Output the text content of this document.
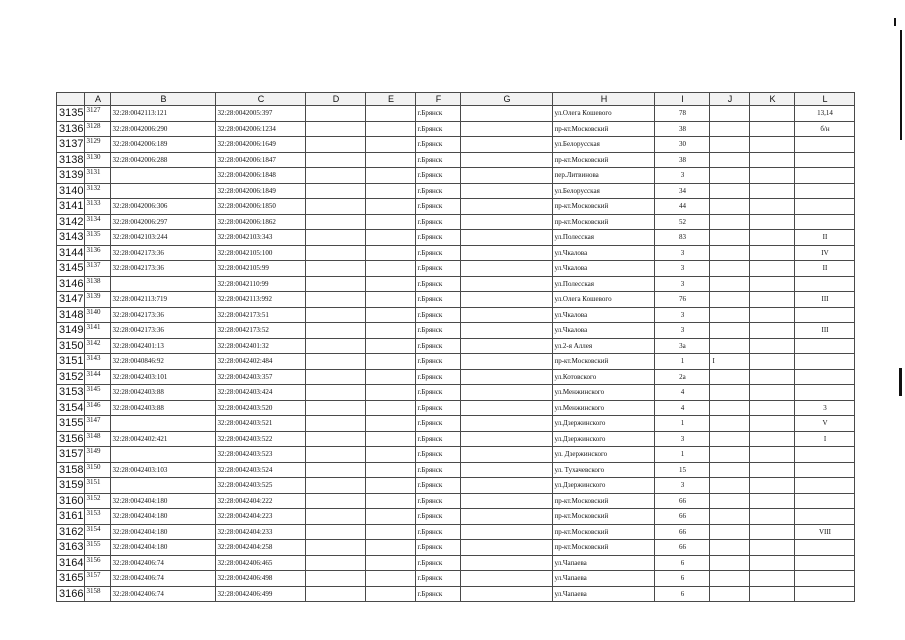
	A	B	C	D	E	F	G	H	I	J	K	L
3135	3127	32:28:0042113:121	32:28:0042005:397			г.Брянск		ул.Олега Кошевого	78			13,14
3136	3128	32:28:0042006:290	32:28:0042006:1234			г.Брянск		пр-кт.Московский	38			б/н
3137	3129	32:28:0042006:189	32:28:0042006:1649			г.Брянск		ул.Белорусская	30			
3138	3130	32:28:0042006:288	32:28:0042006:1847			г.Брянск		пр-кт.Московский	38			
3139	3131		32:28:0042006:1848			г.Брянск		пер.Литвинова	3			
3140	3132		32:28:0042006:1849			г.Брянск		ул.Белорусская	34			
3141	3133	32:28:0042006:306	32:28:0042006:1850			г.Брянск		пр-кт.Московский	44			
3142	3134	32:28:0042006:297	32:28:0042006:1862			г.Брянск		пр-кт.Московский	52			
3143	3135	32:28:0042103:244	32:28:0042103:343			г.Брянск		ул.Полесская	83			II
3144	3136	32:28:0042173:36	32:28:0042105:100			г.Брянск		ул.Чкалова	3			IV
3145	3137	32:28:0042173:36	32:28:0042105:99			г.Брянск		ул.Чкалова	3			II
3146	3138		32:28:0042110:99			г.Брянск		ул.Полесская	3			
3147	3139	32:28:0042113:719	32:28:0042113:992			г.Брянск		ул.Олега Кошевого	76			III
3148	3140	32:28:0042173:36	32:28:0042173:51			г.Брянск		ул.Чкалова	3			
3149	3141	32:28:0042173:36	32:28:0042173:52			г.Брянск		ул.Чкалова	3			III
3150	3142	32:28:0042401:13	32:28:0042401:32			г.Брянск		ул.2-я Аллея	3а			
3151	3143	32:28:0040846:92	32:28:0042402:484			г.Брянск		пр-кт.Московский	1	I		
3152	3144	32:28:0042403:101	32:28:0042403:357			г.Брянск		ул.Котовского	2а			
3153	3145	32:28:0042403:88	32:28:0042403:424			г.Брянск		ул.Менжинского	4			
3154	3146	32:28:0042403:88	32:28:0042403:520			г.Брянск		ул.Менжинского	4			3
3155	3147		32:28:0042403:521			г.Брянск		ул.Дзержинского	1			V
3156	3148	32:28:0042402:421	32:28:0042403:522			г.Брянск		ул.Дзержинского	3			I
3157	3149		32:28:0042403:523			г.Брянск		ул. Дзержинского	1			
3158	3150	32:28:0042403:103	32:28:0042403:524			г.Брянск		ул. Тухачевского	15			
3159	3151		32:28:0042403:525			г.Брянск		ул.Дзержинского	3			
3160	3152	32:28:0042404:180	32:28:0042404:222			г.Брянск		пр-кт.Московский	66			
3161	3153	32:28:0042404:180	32:28:0042404:223			г.Брянск		пр-кт.Московский	66			
3162	3154	32:28:0042404:180	32:28:0042404:233			г.Брянск		пр-кт.Московский	66			VIII
3163	3155	32:28:0042404:180	32:28:0042404:258			г.Брянск		пр-кт.Московский	66			
3164	3156	32:28:0042406:74	32:28:0042406:465			г.Брянск		ул.Чапаева	6			
3165	3157	32:28:0042406:74	32:28:0042406:498			г.Брянск		ул.Чапаева	6			
3166	3158	32:28:0042406:74	32:28:0042406:499			г.Брянск		ул.Чапаева	6			
